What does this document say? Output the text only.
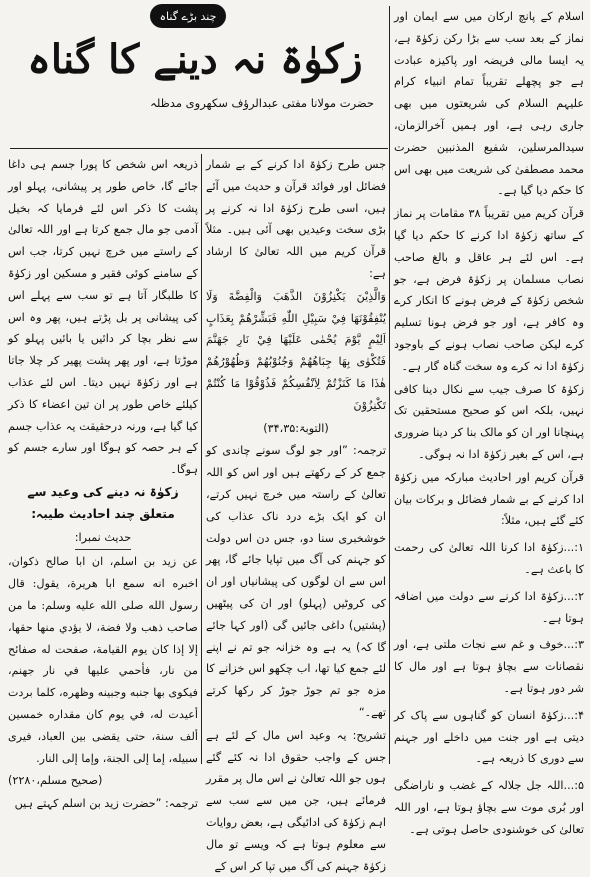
چند بڑے گناہ
زکوٰۃ نہ دینے کا گناہ
حضرت مولانا مفتی عبدالرؤف سکھروی مدظلہ

اسلام کے پانچ ارکان میں سے ایمان اور نماز کے بعد سب سے بڑا رکن زکوٰۃ ہے، یہ ایسا مالی فریضہ اور پاکیزہ عبادت ہے جو پچھلے تقریباً تمام انبیاء کرام علیہم السلام کی شریعتوں میں بھی جاری رہی ہے، اور ہمیں آخرالزمان، سیدالمرسلین، شفیع المذنبین حضرت محمد مصطفیٰ کی شریعت میں بھی اس کا حکم دیا گیا ہے۔

قرآن کریم میں تقریباً ۳۸ مقامات پر نماز کے ساتھ زکوٰۃ ادا کرنے کا حکم دیا گیا ہے۔ اس لئے ہر عاقل و بالغ صاحب نصاب مسلمان پر زکوٰۃ فرض ہے، جو شخص زکوٰۃ کے فرض ہونے کا انکار کرے وہ کافر ہے، اور جو فرض ہونا تسلیم کرے لیکن صاحب نصاب ہونے کے باوجود زکوٰۃ ادا نہ کرے وہ سخت گناہ گار ہے۔

زکوٰۃ کا صرف جیب سے نکال دینا کافی نہیں، بلکہ اس کو صحیح مستحقین تک پہنچانا اور ان کو مالک بنا کر دینا ضروری ہے، اس کے بغیر زکوٰۃ ادا نہ ہوگی۔

قرآن کریم اور احادیث مبارکہ میں زکوٰۃ ادا کرنے کے بے شمار فضائل و برکات بیان کئے گئے ہیں، مثلاً:

۱:...زکوٰۃ ادا کرنا اللہ تعالیٰ کی رحمت کا باعث ہے۔

۲:...زکوٰۃ ادا کرنے سے دولت میں اضافہ ہوتا ہے۔

۳:...خوف و غم سے نجات ملتی ہے، اور نقصانات سے بچاؤ ہوتا ہے اور مال کا شر دور ہوتا ہے۔

۴:...زکوٰۃ انسان کو گناہوں سے پاک کر دیتی ہے اور جنت میں داخلے اور جہنم سے دوری کا ذریعہ ہے۔

۵:...اللہ جل جلالہ کے غضب و ناراضگی اور بُری موت سے بچاؤ ہوتا ہے، اور اللہ تعالیٰ کی خوشنودی حاصل ہوتی ہے۔

جس طرح زکوٰۃ ادا کرنے کے بے شمار فضائل اور فوائد قرآن و حدیث میں آئے ہیں، اسی طرح زکوٰۃ ادا نہ کرنے پر بڑی سخت وعیدیں بھی آئی ہیں۔ مثلاً قرآن کریم میں اللہ تعالیٰ کا ارشاد ہے:

وَالَّذِيْنَ يَكْنِزُوْنَ الذَّهَبَ وَالْفِضَّةَ وَلَا يُنْفِقُوْنَهَا فِيْ سَبِيْلِ اللّٰهِ فَبَشِّرْهُمْ بِعَذَابٍ اَلِيْمٍ يَّوْمَ يُحْمٰى عَلَيْهَا فِيْ نَارِ جَهَنَّمَ فَتُكْوٰى بِهَا جِبَاهُهُمْ وَجُنُوْبُهُمْ وَظُهُوْرُهُمْ هٰذَا مَا كَنَزْتُمْ لِاَنْفُسِكُمْ فَذُوْقُوْا مَا كُنْتُمْ تَكْنِزُوْنَ

(التوبۃ:۳۴،۳۵)

ترجمہ: ”اور جو لوگ سونے چاندی کو جمع کر کے رکھتے ہیں اور اس کو اللہ تعالیٰ کے راستہ میں خرچ نہیں کرتے، ان کو ایک بڑے درد ناک عذاب کی خوشخبری سنا دو، جس دن اس دولت کو جہنم کی آگ میں تپایا جائے گا، پھر اس سے ان لوگوں کی پیشانیاں اور ان کی کروٹیں (پہلو) اور ان کی پیٹھیں (پشتیں) داغی جائیں گی (اور کہا جائے گا کہ) یہ ہے وہ خزانہ جو تم نے اپنے لئے جمع کیا تھا، اب چکھو اس خزانے کا مزہ جو تم جوڑ جوڑ کر رکھا کرتے تھے۔“

تشریح: یہ وعید اس مال کے لئے ہے جس کے واجب حقوق ادا نہ کئے گئے ہوں جو اللہ تعالیٰ نے اس مال پر مقرر فرمائے ہیں، جن میں سے سب سے اہم زکوٰۃ کی ادائیگی ہے، بعض روایات سے معلوم ہوتا ہے کہ ویسے تو مال زکوٰۃ جہنم کی آگ میں تپا کر اس کے

ذریعہ اس شخص کا پورا جسم ہی داغا جائے گا، خاص طور پر پیشانی، پہلو اور پشت کا ذکر اس لئے فرمایا کہ بخیل آدمی جو مال جمع کرتا ہے اور اللہ تعالیٰ کے راستے میں خرچ نہیں کرتا، جب اس کے سامنے کوئی فقیر و مسکین اور زکوٰۃ کا طلبگار آتا ہے تو سب سے پہلے اس کی پیشانی پر بل پڑتے ہیں، پھر وہ اس سے نظر بچا کر دائیں یا بائیں پہلو کو موڑتا ہے، اور پھر پشت پھیر کر چلا جاتا ہے اور زکوٰۃ نہیں دیتا۔ اس لئے عذاب کیلئے خاص طور پر ان تین اعضاء کا ذکر کیا گیا ہے، ورنہ درحقیقت یہ عذاب جسم کے ہر حصہ کو ہوگا اور سارے جسم کو ہوگا۔

زکوٰۃ نہ دینے کی وعید سے متعلق چند احادیث طیبہ:

حدیث نمبرا:

عن زيد بن اسلم، ان ابا صالح ذكوان، اخبره انه سمع ابا هريرة، يقول: قال رسول الله صلى الله عليه وسلم: ما من صاحب ذهب ولا فضة، لا يؤدي منها حقها، إلا إذا كان يوم القيامة، صفحت له صفائح من نار، فأحمي عليها في نار جهنم، فيكوى بها جنبه وجبينه وظهره، كلما بردت أعيدت له، في يوم كان مقداره خمسين ألف سنة، حتى يقضى بين العباد، فيرى سبيله، إما إلى الجنة، وإما إلى النار.

(صحیح مسلم،۲۲۸۰)

ترجمہ: ”حضرت زید بن اسلم کہتے ہیں
